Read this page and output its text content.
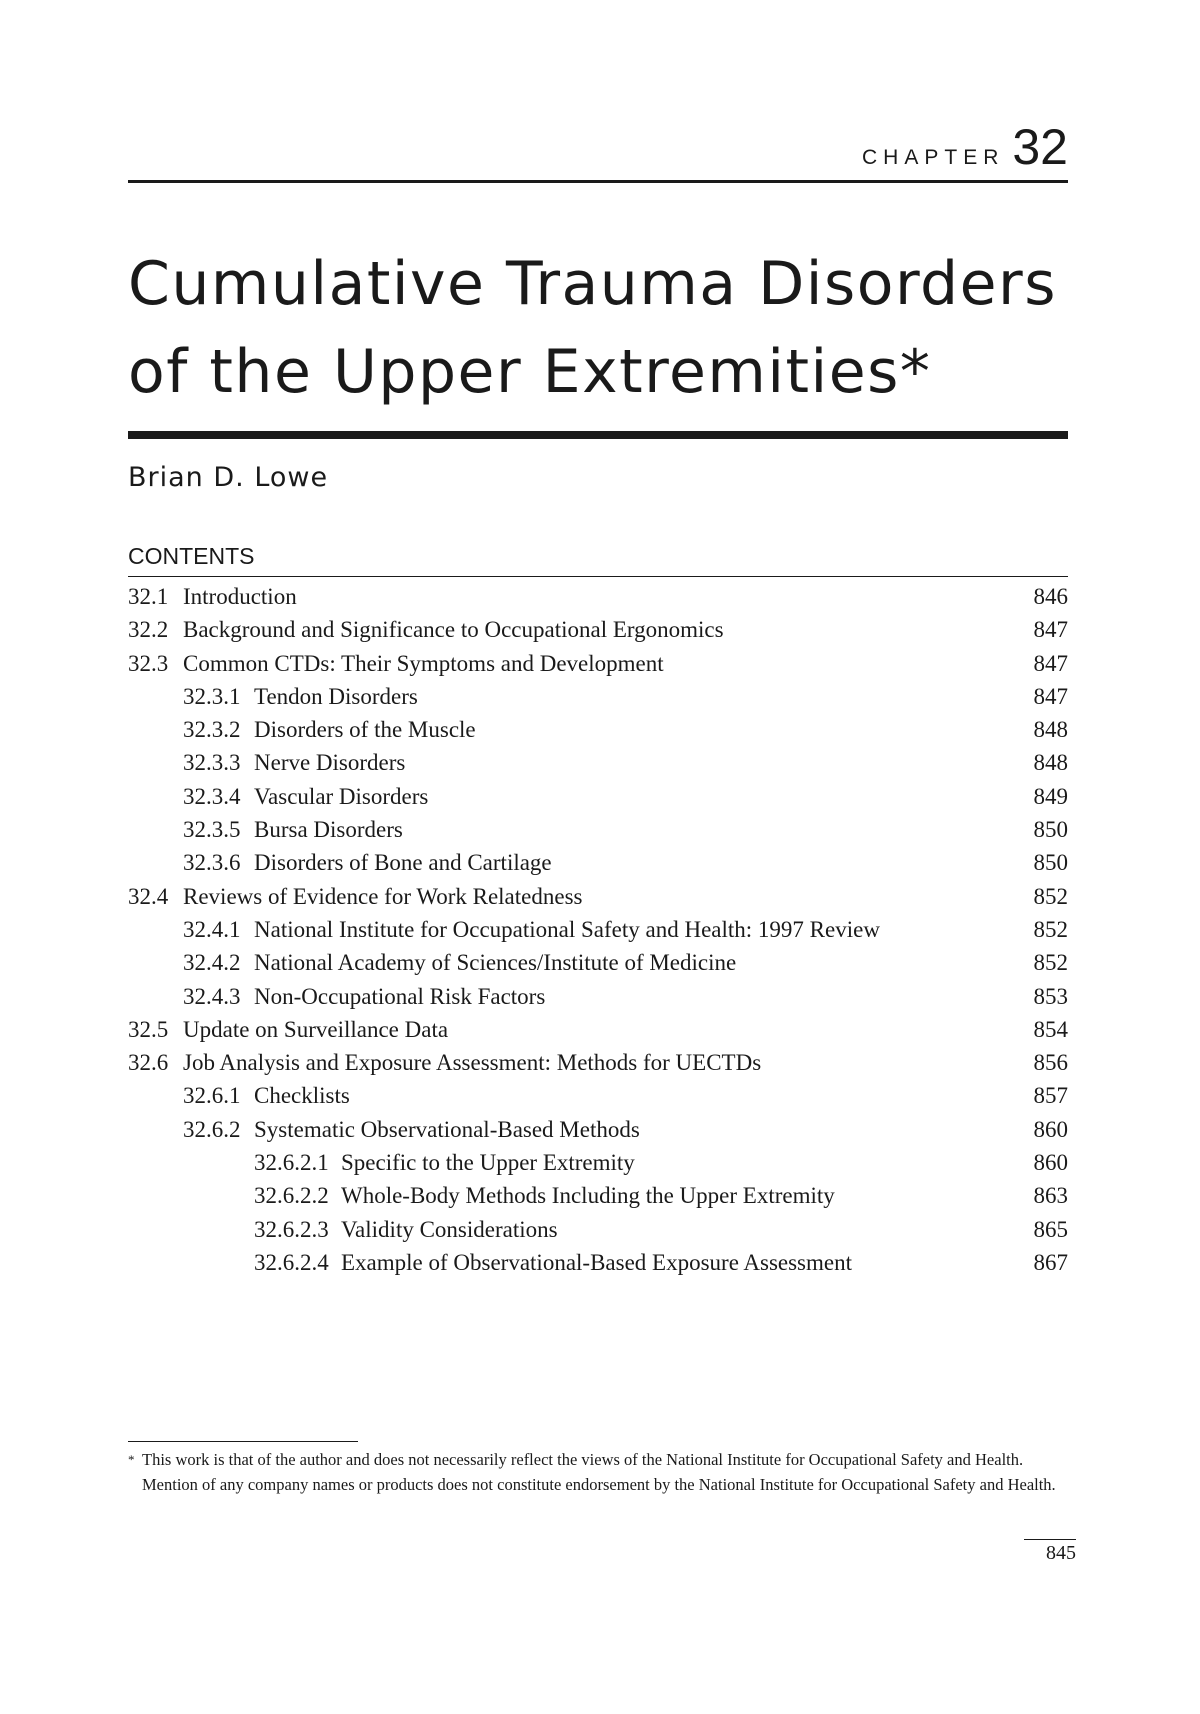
CHAPTER 32
Cumulative Trauma Disorders
of the Upper Extremities*
Brian D. Lowe
CONTENTS
32.1 Introduction	846
32.2 Background and Significance to Occupational Ergonomics	847
32.3 Common CTDs: Their Symptoms and Development	847
32.3.1 Tendon Disorders	847
32.3.2 Disorders of the Muscle	848
32.3.3 Nerve Disorders	848
32.3.4 Vascular Disorders	849
32.3.5 Bursa Disorders	850
32.3.6 Disorders of Bone and Cartilage	850
32.4 Reviews of Evidence for Work Relatedness	852
32.4.1 National Institute for Occupational Safety and Health: 1997 Review	852
32.4.2 National Academy of Sciences/Institute of Medicine	852
32.4.3 Non-Occupational Risk Factors	853
32.5 Update on Surveillance Data	854
32.6 Job Analysis and Exposure Assessment: Methods for UECTDs	856
32.6.1 Checklists	857
32.6.2 Systematic Observational-Based Methods	860
32.6.2.1 Specific to the Upper Extremity	860
32.6.2.2 Whole-Body Methods Including the Upper Extremity	863
32.6.2.3 Validity Considerations	865
32.6.2.4 Example of Observational-Based Exposure Assessment	867
* This work is that of the author and does not necessarily reflect the views of the National Institute for Occupational Safety and Health. Mention of any company names or products does not constitute endorsement by the National Institute for Occupational Safety and Health.
845
